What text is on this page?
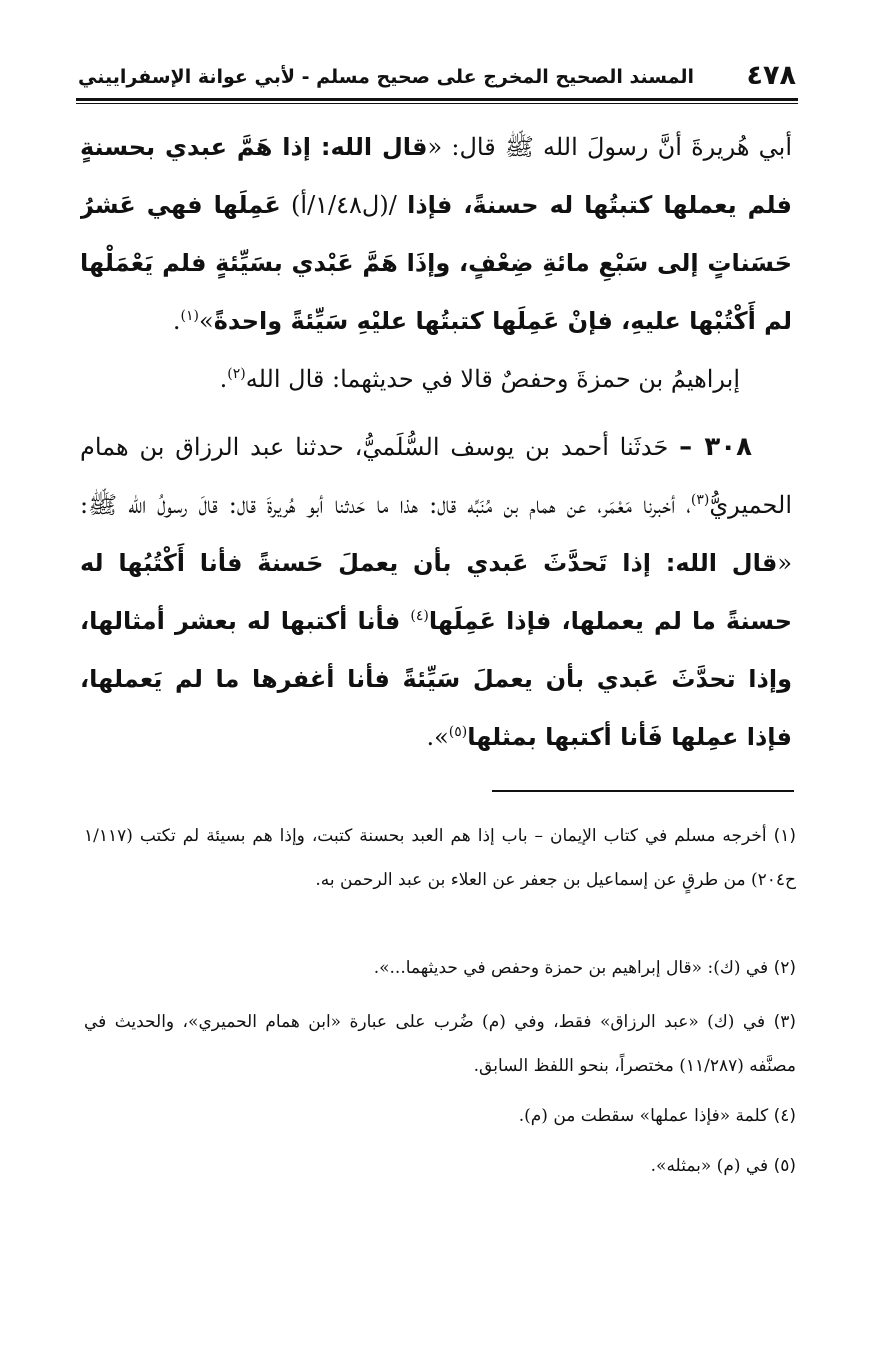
٤٧٨
المسند الصحيح المخرج على صحيح مسلم - لأبي عوانة الإسفراييني

أبي هُريرةَ أنَّ رسولَ الله ﷺ قال: «قال الله: إذا هَمَّ عبدي بحسنةٍ فلم يعملها كتبتُها له حسنةً، فإذا /(ل١/٤٨/أ) عَمِلَها فهي عَشرُ حَسَناتٍ إلى سَبْعِ مائةِ ضِعْفٍ، وإذَا هَمَّ عَبْدي بسَيِّئةٍ فلم يَعْمَلْها لم أَكْتُبْها عليهِ، فإنْ عَمِلَها كتبتُها عليْهِ سَيِّئةً واحدةً»$^{(١)}$.

إبراهيمُ بن حمزةَ وحفصٌ قالا في حديثهما: قال الله$^{(٢)}$.

٣٠٨ – حَدثَنا أحمد بن يوسف السُّلَميُّ، حدثنا عبد الرزاق بن همام الحميريُّ$^{(٣)}$، أخبرنا مَعْمَر، عن همام بن مُنَبِّه قال: هذا ما حَدثنا أبو هُريرةَ قال: قالَ رسولُ الله ﷺ: «قال الله: إذا تَحدَّثَ عَبدي بأن يعملَ حَسنةً فأنا أَكْتُبُها له حسنةً ما لم يعملها، فإذا عَمِلَها$^{(٤)}$ فأنا أكتبها له بعشر أمثالها، وإذا تحدَّثَ عَبدي بأن يعملَ سَيِّئةً فأنا أغفرها ما لم يَعملها، فإذا عمِلها فَأنا أكتبها بمثلها$^{(٥)}$».

(١) أخرجه مسلم في كتاب الإيمان – باب إذا هم العبد بحسنة كتبت، وإذا هم بسيئة لم تكتب (١/١١٧ ح٢٠٤) من طرقٍ عن إسماعيل بن جعفر عن العلاء بن عبد الرحمن به.

(٢) في (ك): «قال إبراهيم بن حمزة وحفص في حديثهما...».

(٣) في (ك) «عبد الرزاق» فقط، وفي (م) ضُرب على عبارة «ابن همام الحميري»، والحديث في مصنَّفه (١١/٢٨٧) مختصراً، بنحو اللفظ السابق.

(٤) كلمة «فإذا عملها» سقطت من (م).

(٥) في (م) «بمثله».
